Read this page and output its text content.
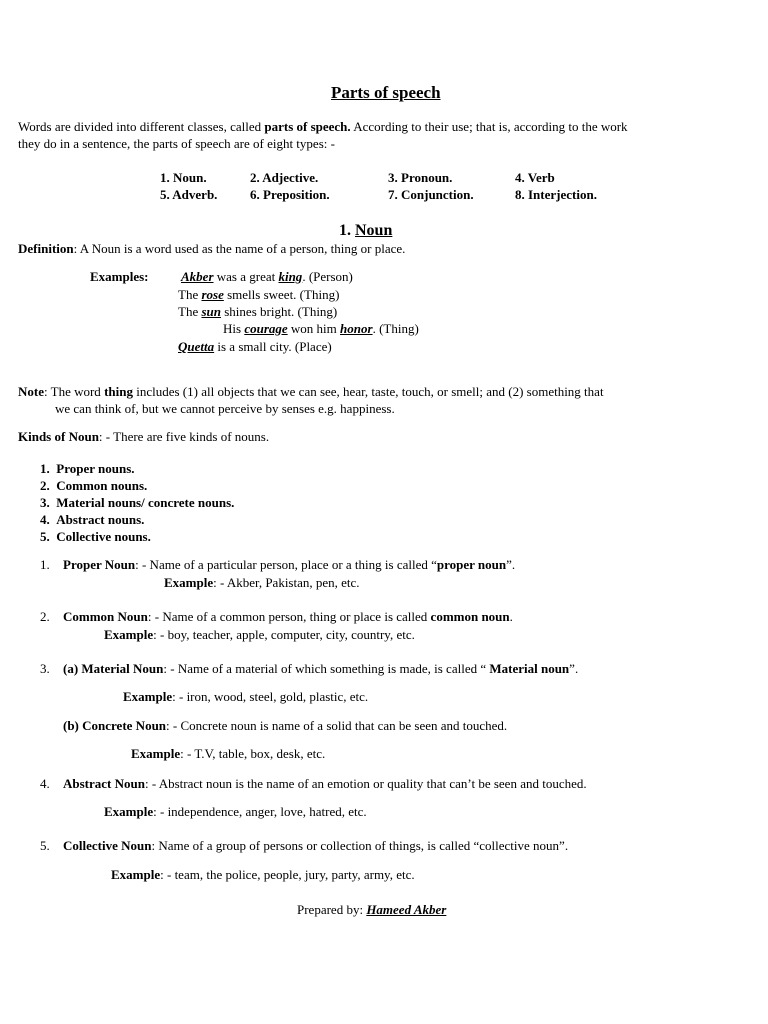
Parts of speech
Words are divided into different classes, called parts of speech. According to their use; that is, according to the work
they do in a sentence, the parts of speech are of eight types: -
1. Noun.	2. Adjective.	3. Pronoun.	4. Verb
5. Adverb.	6. Preposition.	7. Conjunction.	8. Interjection.
1. Noun
Definition: A Noun is a word used as the name of a person, thing or place.
Examples:	Akber was a great king. (Person)
The rose smells sweet. (Thing)
The sun shines bright. (Thing)
His courage won him honor. (Thing)
Quetta is a small city. (Place)
Note: The word thing includes (1) all objects that we can see, hear, taste, touch, or smell; and (2) something that
we can think of, but we cannot perceive by senses e.g. happiness.
Kinds of Noun: - There are five kinds of nouns.
1.  Proper nouns.
2.  Common nouns.
3.  Material nouns/ concrete nouns.
4.  Abstract nouns.
5.  Collective nouns.
1. Proper Noun: - Name of a particular person, place or a thing is called “proper noun”.
Example: - Akber, Pakistan, pen, etc.
2. Common Noun: - Name of a common person, thing or place is called common noun.
Example: - boy, teacher, apple, computer, city, country, etc.
3. (a) Material Noun: - Name of a material of which something is made, is called “ Material noun”.
Example: - iron, wood, steel, gold, plastic, etc.
(b) Concrete Noun: - Concrete noun is name of a solid that can be seen and touched.
Example: - T.V, table, box, desk, etc.
4. Abstract Noun: - Abstract noun is the name of an emotion or quality that can’t be seen and touched.
Example: - independence, anger, love, hatred, etc.
5. Collective Noun: Name of a group of persons or collection of things, is called “collective noun”.
Example: - team, the police, people, jury, party, army, etc.
Prepared by: Hameed Akber
